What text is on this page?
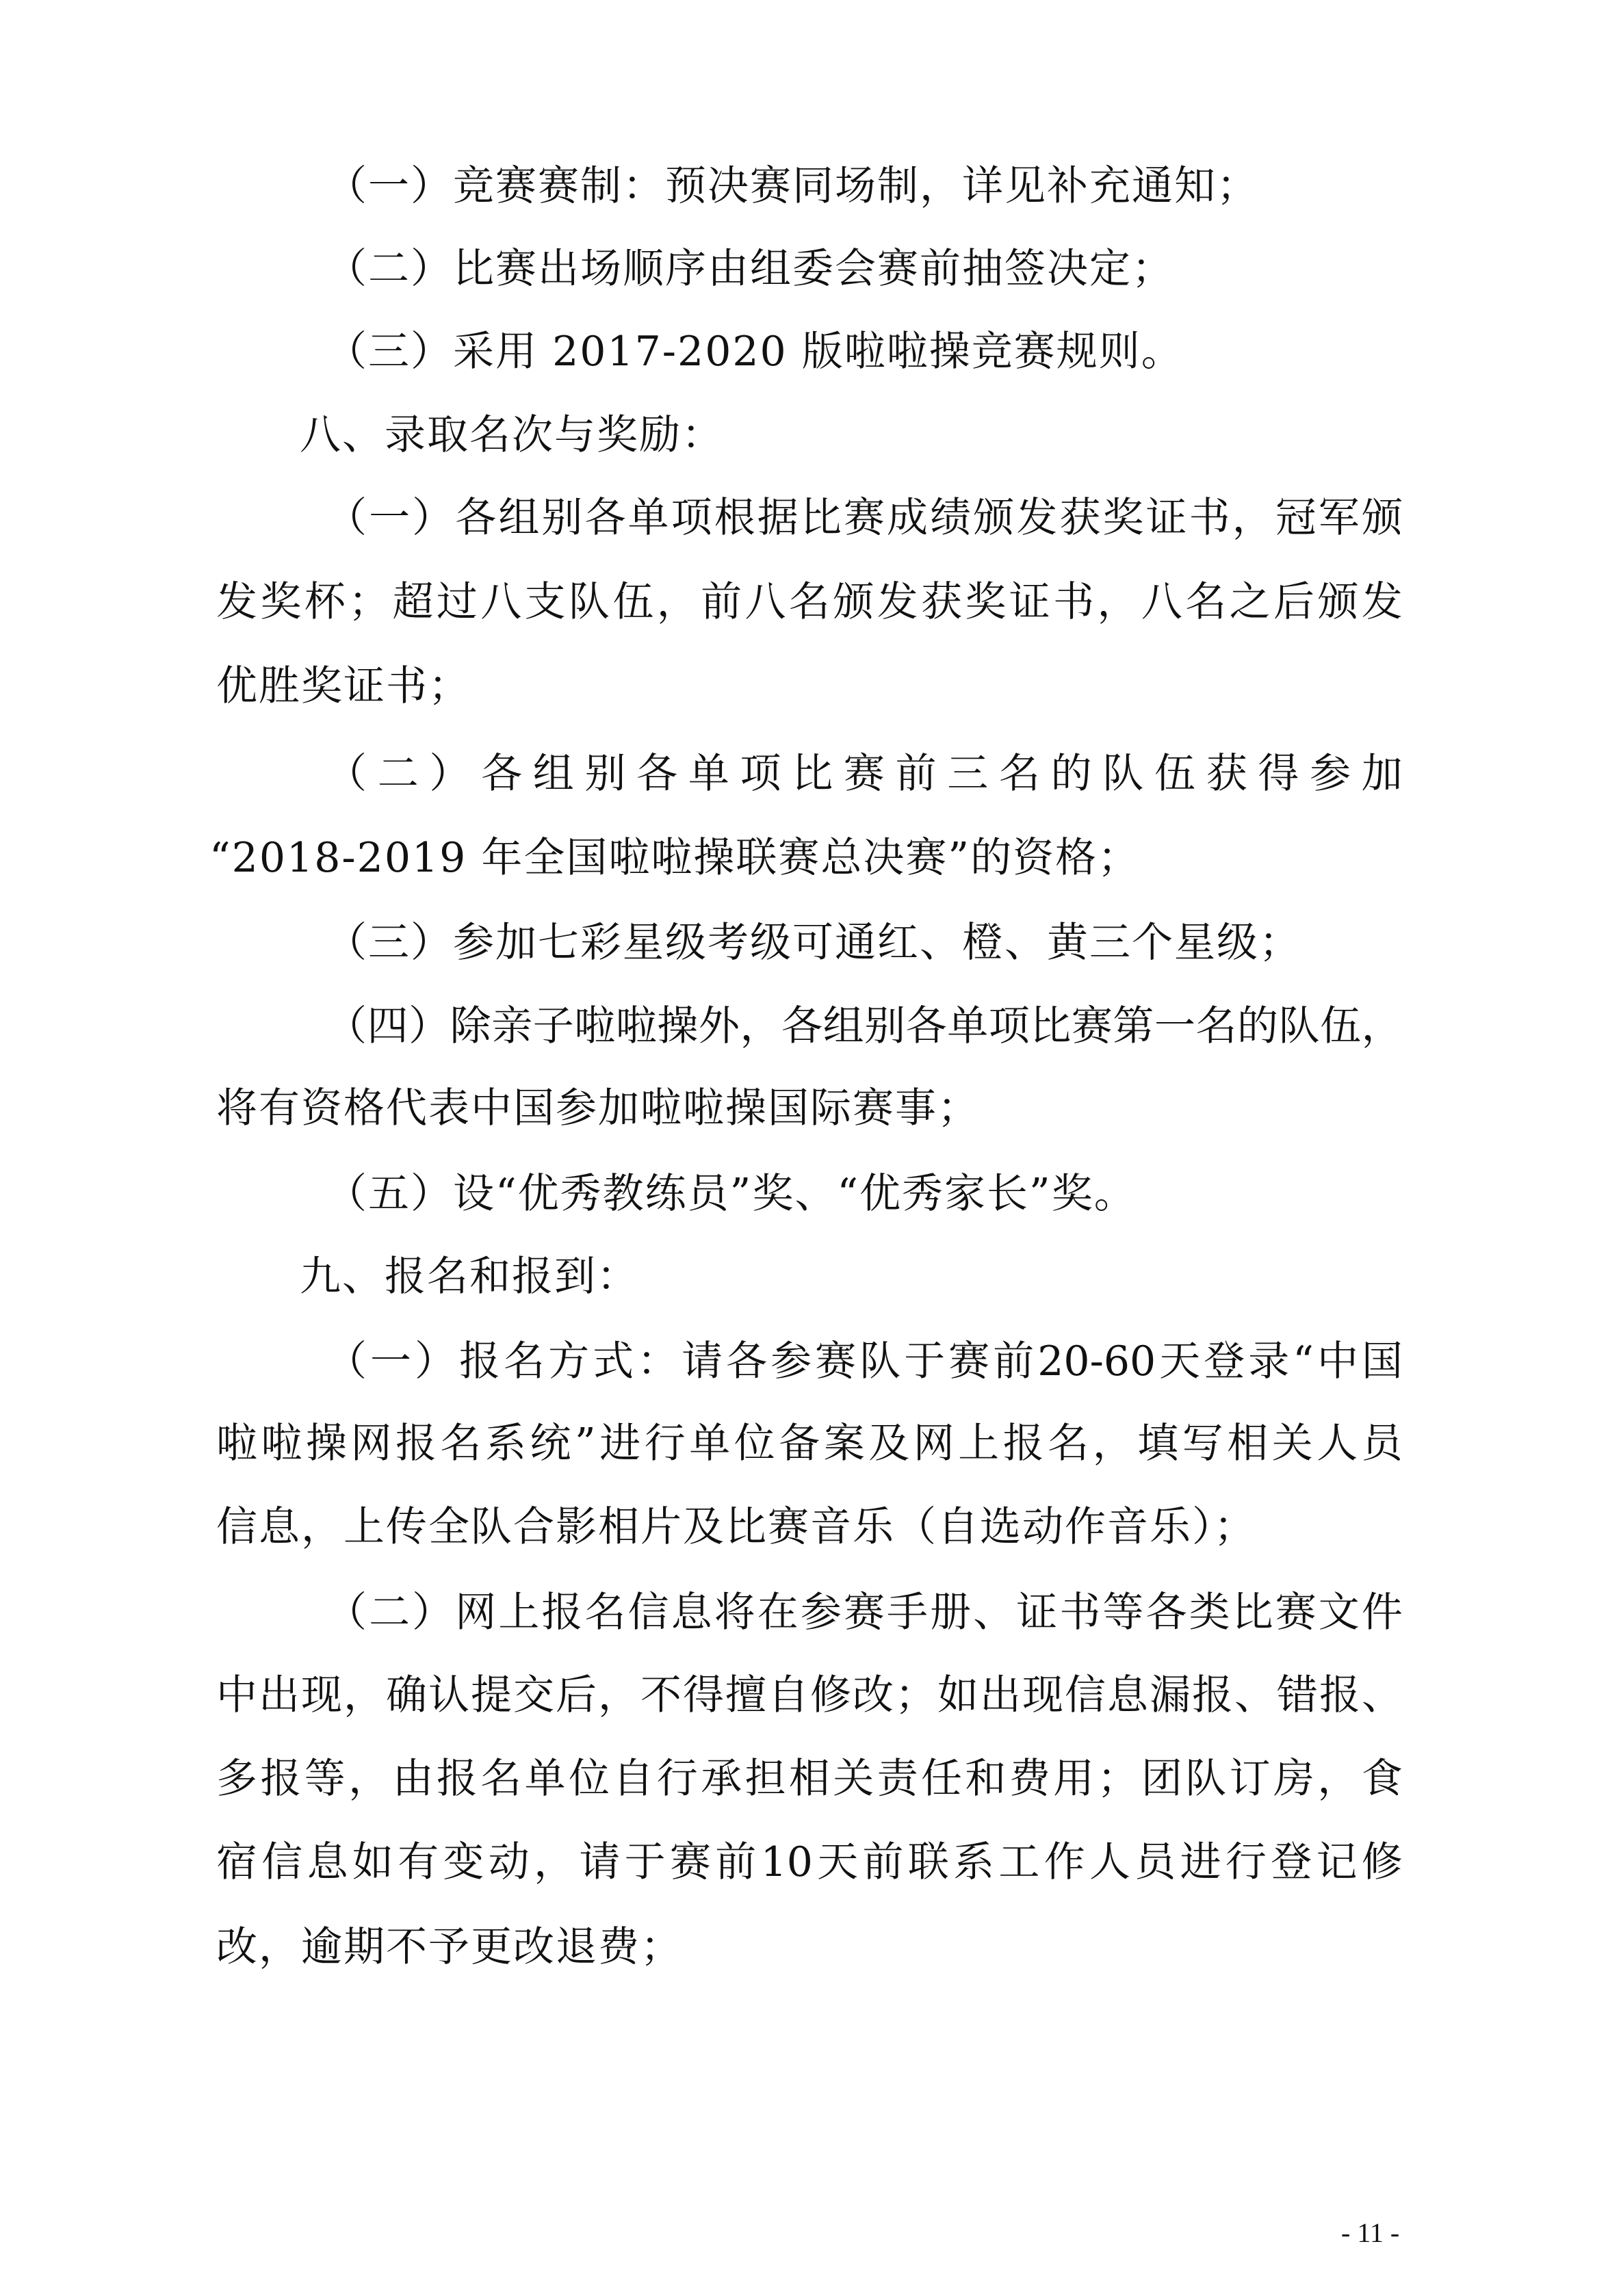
（一）竞赛赛制：预决赛同场制，详见补充通知；
（二）比赛出场顺序由组委会赛前抽签决定；
（三）采用 2017-2020 版啦啦操竞赛规则。
八、录取名次与奖励：
（ 一 ） 各 组 别 各 单 项 根 据 比 赛 成 绩 颁 发 获 奖 证 书 ， 冠 军 颁
发 奖 杯 ； 超 过 八 支 队 伍 ， 前 八 名 颁 发 获 奖 证 书 ， 八 名 之 后 颁 发
优胜奖证书；
（ 二 ） 各 组 别 各 单 项 比 赛 前 三 名 的 队 伍 获 得 参 加
“2018-2019 年全国啦啦操联赛总决赛”的资格；
（三）参加七彩星级考级可通红、橙、黄三个星级；
（ 四 ） 除 亲 子 啦 啦 操 外 ， 各 组 别 各 单 项 比 赛 第 一 名 的 队 伍 ，
将有资格代表中国参加啦啦操国际赛事；
（五）设“优秀教练员”奖、“优秀家长”奖。
九、报名和报到：
（ 一 ） 报 名 方 式 ： 请 各 参 赛 队 于 赛 前 20-60 天 登 录 “ 中 国
啦 啦 操 网 报 名 系 统 ” 进 行 单 位 备 案 及 网 上 报 名 ， 填 写 相 关 人 员
信息，上传全队合影相片及比赛音乐（自选动作音乐）；
（ 二 ） 网 上 报 名 信 息 将 在 参 赛 手 册 、 证 书 等 各 类 比 赛 文 件
中 出 现 ， 确 认 提 交 后 ， 不 得 擅 自 修 改 ； 如 出 现 信 息 漏 报 、 错 报 、
多 报 等 ， 由 报 名 单 位 自 行 承 担 相 关 责 任 和 费 用 ； 团 队 订 房 ， 食
宿 信 息 如 有 变 动 ， 请 于 赛 前 10 天 前 联 系 工 作 人 员 进 行 登 记 修
改，逾期不予更改退费；
- 11 -
